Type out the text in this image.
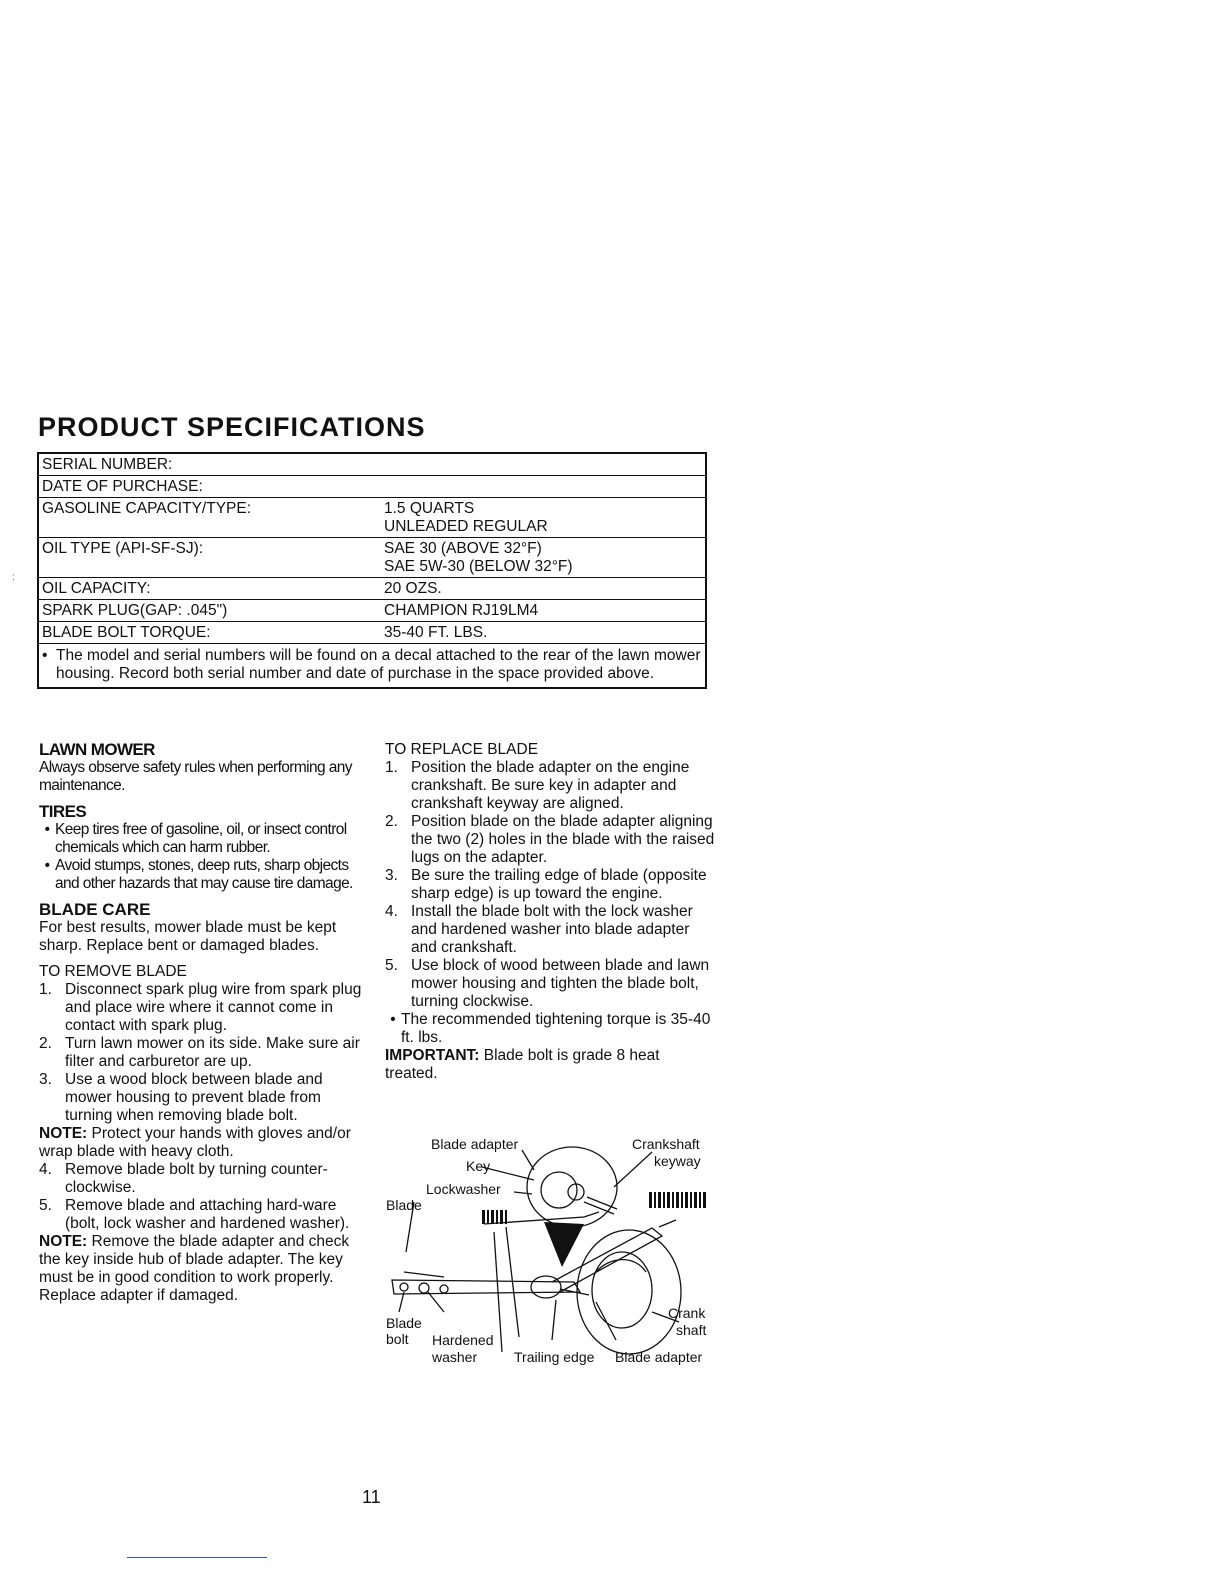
PRODUCT SPECIFICATIONS
:
SERIAL NUMBER:
DATE OF PURCHASE:
GASOLINE CAPACITY/TYPE:	1.5 QUARTS
UNLEADED REGULAR
OIL TYPE (API-SF-SJ):	SAE 30 (ABOVE 32°F)
SAE 5W-30 (BELOW 32°F)
OIL CAPACITY:	20 OZS.
SPARK PLUG(GAP: .045")	CHAMPION RJ19LM4
BLADE BOLT TORQUE:	35-40 FT. LBS.
• The model and serial numbers will be found on a decal attached to the rear of the lawn mower housing. Record both serial number and date of purchase in the space provided above.
LAWN MOWER

Always observe safety rules when performing any maintenance.

TIRES
• Keep tires free of gasoline, oil, or insect control chemicals which can harm rubber.
• Avoid stumps, stones, deep ruts, sharp objects and other hazards that may cause tire damage.
BLADE CARE

For best results, mower blade must be kept sharp. Replace bent or damaged blades.

TO REMOVE BLADE

1. Disconnect spark plug wire from spark plug and place wire where it cannot come in contact with spark plug.
2. Turn lawn mower on its side. Make sure air filter and carburetor are up.
3. Use a wood block between blade and mower housing to prevent blade from turning when removing blade bolt.

NOTE: Protect your hands with gloves and/or wrap blade with heavy cloth.

4. Remove blade bolt by turning counter-clockwise.
5. Remove blade and attaching hard-ware (bolt, lock washer and hardened washer).

NOTE: Remove the blade adapter and check the key inside hub of blade adapter. The key must be in good condition to work properly. Replace adapter if damaged.

TO REPLACE BLADE

1. Position the blade adapter on the engine crankshaft. Be sure key in adapter and crankshaft keyway are aligned.
2. Position blade on the blade adapter aligning the two (2) holes in the blade with the raised lugs on the adapter.
3. Be sure the trailing edge of blade (opposite sharp edge) is up toward the engine.
4. Install the blade bolt with the lock washer and hardened washer into blade adapter and crankshaft.
5. Use block of wood between blade and lawn mower housing and tighten the blade bolt, turning clockwise.
• The recommended tightening torque is 35-40 ft. lbs.

IMPORTANT: Blade bolt is grade 8 heat treated.

Blade adapter	Crankshaft
keyway
Key
Lockwasher
Blade
Blade
bolt Hardened
washer	Trailing edge Blade adapter
Crank
shaft
11
